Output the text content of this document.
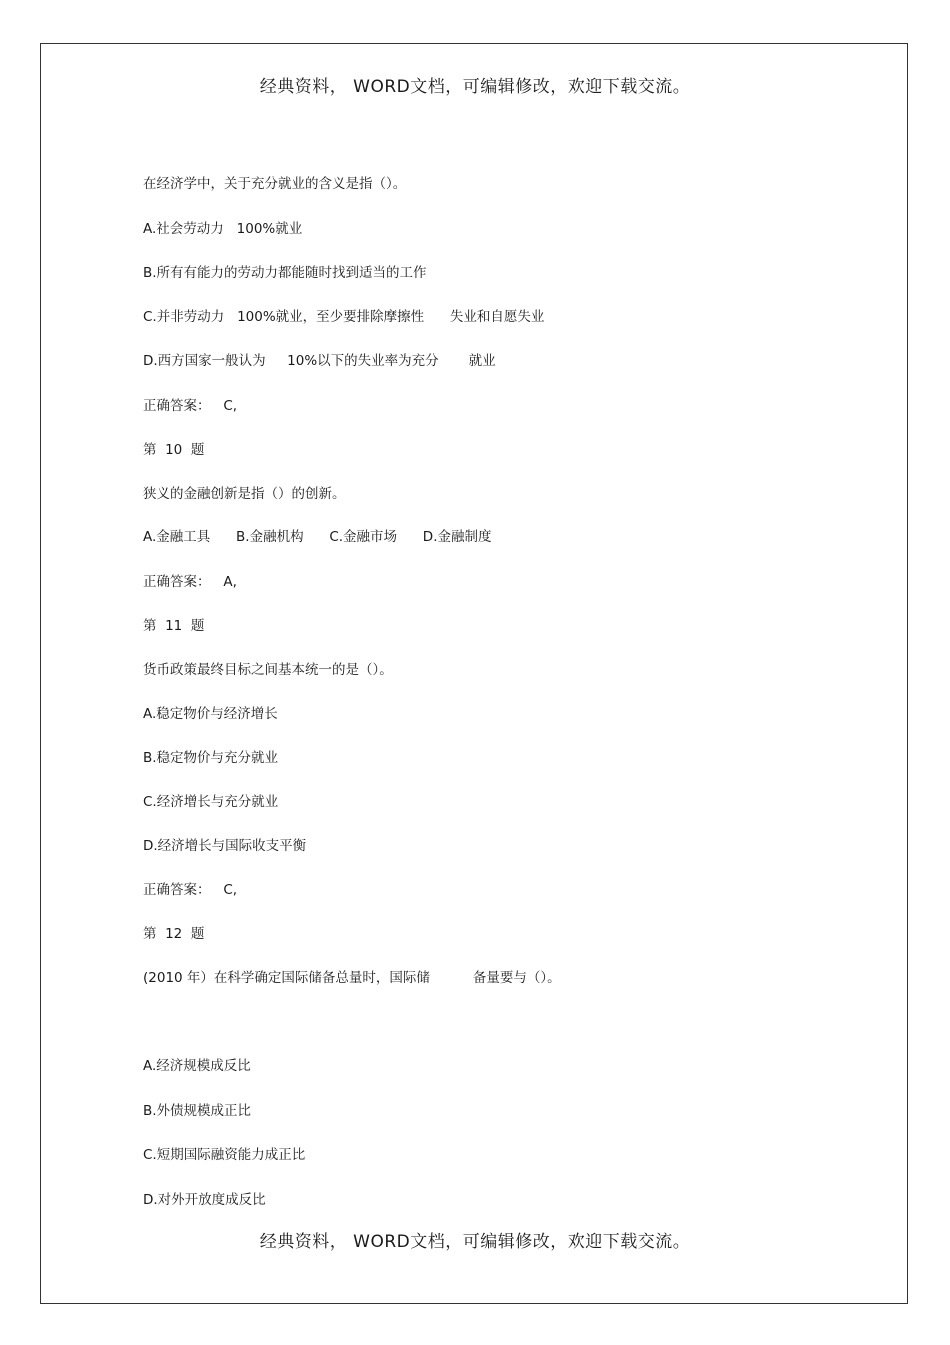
经典资料， WORD文档，可编辑修改，欢迎下载交流。
在经济学中，关于充分就业的含义是指（）。
A.社会劳动力   100%就业
B.所有有能力的劳动力都能随时找到适当的工作
C.并非劳动力   100%就业，至少要排除摩擦性      失业和自愿失业
D.西方国家一般认为     10%以下的失业率为充分       就业
正确答案：   C,
第  10  题
狭义的金融创新是指（）的创新。
A.金融工具      B.金融机构      C.金融市场      D.金融制度
正确答案：   A,
第  11  题
货币政策最终目标之间基本统一的是（）。
A.稳定物价与经济增长
B.稳定物价与充分就业
C.经济增长与充分就业
D.经济增长与国际收支平衡
正确答案：   C,
第  12  题
(2010 年）在科学确定国际储备总量时，国际储          备量要与（）。
A.经济规模成反比
B.外债规模成正比
C.短期国际融资能力成正比
D.对外开放度成反比
经典资料， WORD文档，可编辑修改，欢迎下载交流。
